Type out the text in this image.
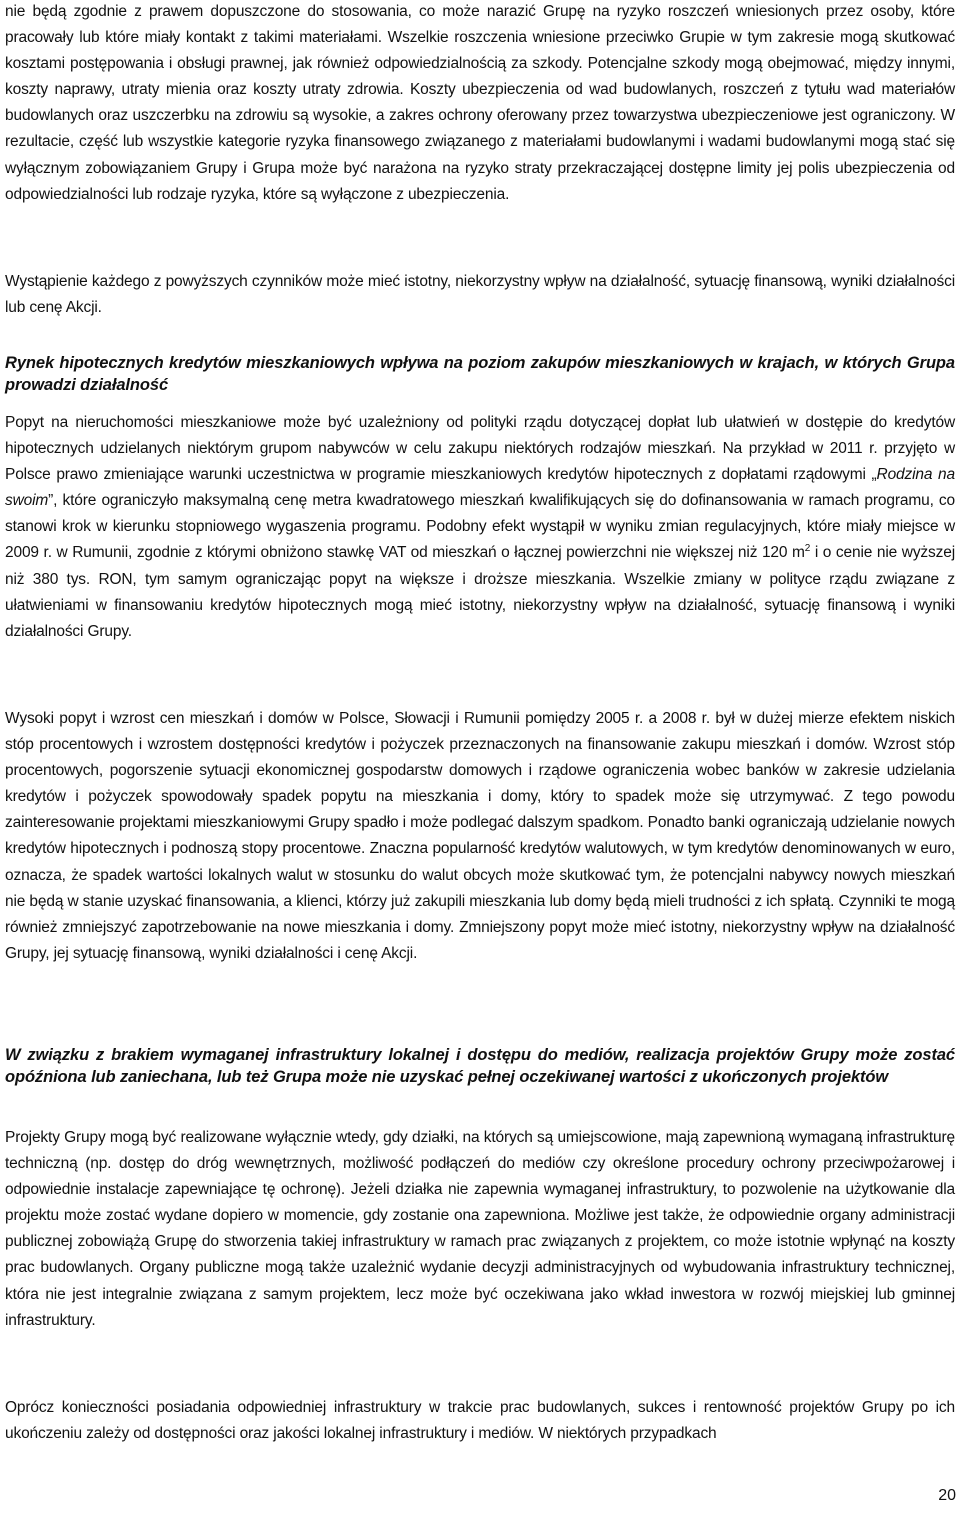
nie będą zgodnie z prawem dopuszczone do stosowania, co może narazić Grupę na ryzyko roszczeń wniesionych przez osoby, które pracowały lub które miały kontakt z takimi materiałami. Wszelkie roszczenia wniesione przeciwko Grupie w tym zakresie mogą skutkować kosztami postępowania i obsługi prawnej, jak również odpowiedzialnością za szkody. Potencjalne szkody mogą obejmować, między innymi, koszty naprawy, utraty mienia oraz koszty utraty zdrowia. Koszty ubezpieczenia od wad budowlanych, roszczeń z tytułu wad materiałów budowlanych oraz uszczerbku na zdrowiu są wysokie, a zakres ochrony oferowany przez towarzystwa ubezpieczeniowe jest ograniczony. W rezultacie, część lub wszystkie kategorie ryzyka finansowego związanego z materiałami budowlanymi i wadami budowlanymi mogą stać się wyłącznym zobowiązaniem Grupy i Grupa może być narażona na ryzyko straty przekraczającej dostępne limity jej polis ubezpieczenia od odpowiedzialności lub rodzaje ryzyka, które są wyłączone z ubezpieczenia.

Wystąpienie każdego z powyższych czynników może mieć istotny, niekorzystny wpływ na działalność, sytuację finansową, wyniki działalności lub cenę Akcji.

Rynek hipotecznych kredytów mieszkaniowych wpływa na poziom zakupów mieszkaniowych w krajach, w których Grupa prowadzi działalność

Popyt na nieruchomości mieszkaniowe może być uzależniony od polityki rządu dotyczącej dopłat lub ułatwień w dostępie do kredytów hipotecznych udzielanych niektórym grupom nabywców w celu zakupu niektórych rodzajów mieszkań. Na przykład w 2011 r. przyjęto w Polsce prawo zmieniające warunki uczestnictwa w programie mieszkaniowych kredytów hipotecznych z dopłatami rządowymi „Rodzina na swoim”, które ograniczyło maksymalną cenę metra kwadratowego mieszkań kwalifikujących się do dofinansowania w ramach programu, co stanowi krok w kierunku stopniowego wygaszenia programu. Podobny efekt wystąpił w wyniku zmian regulacyjnych, które miały miejsce w 2009 r. w Rumunii, zgodnie z którymi obniżono stawkę VAT od mieszkań o łącznej powierzchni nie większej niż 120 $m^2$ i o cenie nie wyższej niż 380 tys. RON, tym samym ograniczając popyt na większe i droższe mieszkania. Wszelkie zmiany w polityce rządu związane z ułatwieniami w finansowaniu kredytów hipotecznych mogą mieć istotny, niekorzystny wpływ na działalność, sytuację finansową i wyniki działalności Grupy.

Wysoki popyt i wzrost cen mieszkań i domów w Polsce, Słowacji i Rumunii pomiędzy 2005 r. a 2008 r. był w dużej mierze efektem niskich stóp procentowych i wzrostem dostępności kredytów i pożyczek przeznaczonych na finansowanie zakupu mieszkań i domów. Wzrost stóp procentowych, pogorszenie sytuacji ekonomicznej gospodarstw domowych i rządowe ograniczenia wobec banków w zakresie udzielania kredytów i pożyczek spowodowały spadek popytu na mieszkania i domy, który to spadek może się utrzymywać. Z tego powodu zainteresowanie projektami mieszkaniowymi Grupy spadło i może podlegać dalszym spadkom. Ponadto banki ograniczają udzielanie nowych kredytów hipotecznych i podnoszą stopy procentowe. Znaczna popularność kredytów walutowych, w tym kredytów denominowanych w euro, oznacza, że spadek wartości lokalnych walut w stosunku do walut obcych może skutkować tym, że potencjalni nabywcy nowych mieszkań nie będą w stanie uzyskać finansowania, a klienci, którzy już zakupili mieszkania lub domy będą mieli trudności z ich spłatą. Czynniki te mogą również zmniejszyć zapotrzebowanie na nowe mieszkania i domy. Zmniejszony popyt może mieć istotny, niekorzystny wpływ na działalność Grupy, jej sytuację finansową, wyniki działalności i cenę Akcji.

W związku z brakiem wymaganej infrastruktury lokalnej i dostępu do mediów, realizacja projektów Grupy może zostać opóźniona lub zaniechana, lub też Grupa może nie uzyskać pełnej oczekiwanej wartości z ukończonych projektów

Projekty Grupy mogą być realizowane wyłącznie wtedy, gdy działki, na których są umiejscowione, mają zapewnioną wymaganą infrastrukturę techniczną (np. dostęp do dróg wewnętrznych, możliwość podłączeń do mediów czy określone procedury ochrony przeciwpożarowej i odpowiednie instalacje zapewniające tę ochronę). Jeżeli działka nie zapewnia wymaganej infrastruktury, to pozwolenie na użytkowanie dla projektu może zostać wydane dopiero w momencie, gdy zostanie ona zapewniona. Możliwe jest także, że odpowiednie organy administracji publicznej zobowiążą Grupę do stworzenia takiej infrastruktury w ramach prac związanych z projektem, co może istotnie wpłynąć na koszty prac budowlanych. Organy publiczne mogą także uzależnić wydanie decyzji administracyjnych od wybudowania infrastruktury technicznej, która nie jest integralnie związana z samym projektem, lecz może być oczekiwana jako wkład inwestora w rozwój miejskiej lub gminnej infrastruktury.

Oprócz konieczności posiadania odpowiedniej infrastruktury w trakcie prac budowlanych, sukces i rentowność projektów Grupy po ich ukończeniu zależy od dostępności oraz jakości lokalnej infrastruktury i mediów. W niektórych przypadkach

20
